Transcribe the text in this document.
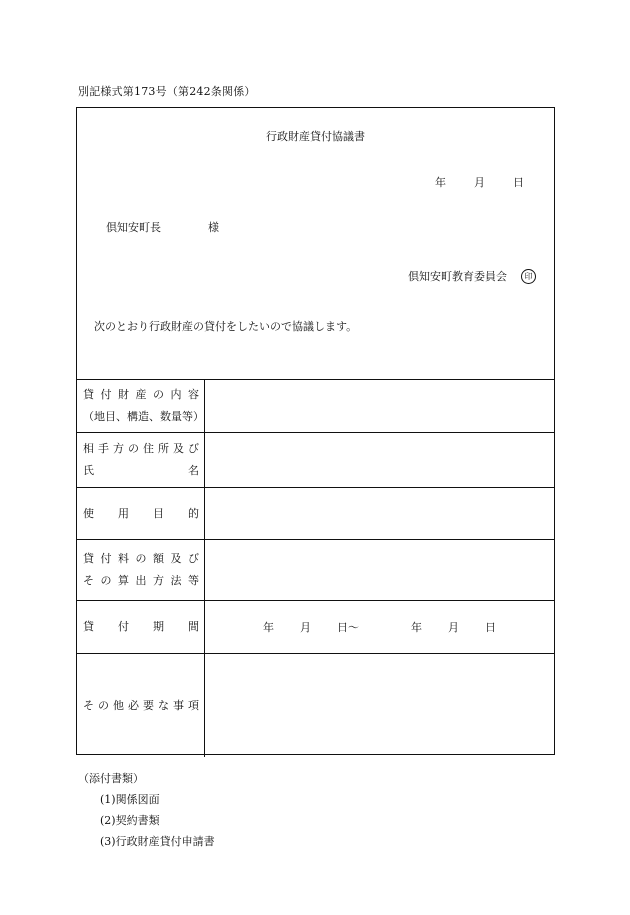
別記様式第173号（第242条関係）
行政財産貸付協議書
年	月	日
倶知安町長	様
倶知安町教育委員会	印
次のとおり行政財産の貸付をしたいので協議します。
貸 付 財 産 の 内 容
（地目、構造、数量等）
相 手 方 の 住 所 及 び
氏	名
使 用 目 的
貸 付 料 の 額 及 び
そ の 算 出 方 法 等
貸 付 期 間	年 月 日〜	年 月 日
そ の 他 必 要 な 事 項
（添付書類）
(1)関係図面
(2)契約書類
(3)行政財産貸付申請書
